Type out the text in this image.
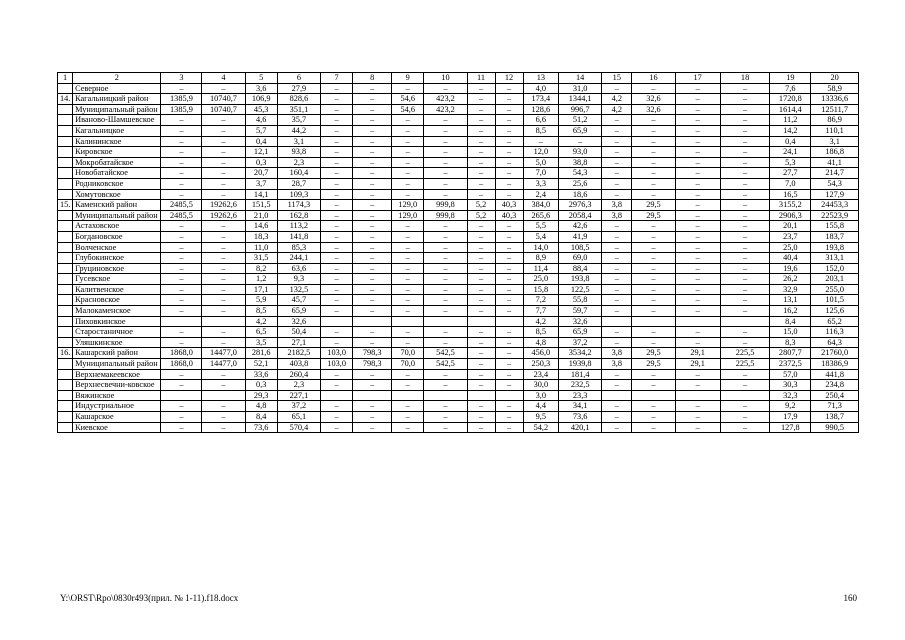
1	2	3	4	5	6	7	8	9	10	11	12	13	14	15	16	17	18	19	20
	Северное	–	–	3,6	27,9	–	–	–	–	–	–	4,0	31,0	–	–	–	–	7,6	58,9
14.	Кагальницкий район	1385,9	10740,7	106,9	828,6	–	–	54,6	423,2	–	–	173,4	1344,1	4,2	32,6	–	–	1720,8	13336,6
	Муниципальный район	1385,9	10740,7	45,3	351,1	–	–	54,6	423,2	–	–	128,6	996,7	4,2	32,6	–	–	1614,4	12511,7
	Иваново-Шамшевское	–	–	4,6	35,7	–	–	–	–	–	–	6,6	51,2	–	–	–	–	11,2	86,9
	Кагальницкое	–	–	5,7	44,2	–	–	–	–	–	–	8,5	65,9	–	–	–	–	14,2	110,1
	Калининское	–	–	0,4	3,1	–	–	–	–	–	–	–	–	–	–	–	–	0,4	3,1
	Кировское	–	–	12,1	93,8	–	–	–	–	–	–	12,0	93,0	–	–	–	–	24,1	186,8
	Мокробатайское	–	–	0,3	2,3	–	–	–	–	–	–	5,0	38,8	–	–	–	–	5,3	41,1
	Новобатайское	–	–	20,7	160,4	–	–	–	–	–	–	7,0	54,3	–	–	–	–	27,7	214,7
	Родниковское	–	–	3,7	28,7	–	–	–	–	–	–	3,3	25,6	–	–	–	–	7,0	54,3
	Хомутовское	–	–	14,1	109,3	–	–	–	–	–	–	2,4	18,6	–	–	–	–	16,5	127,9
15.	Каменский район	2485,5	19262,6	151,5	1174,3	–	–	129,0	999,8	5,2	40,3	384,0	2976,3	3,8	29,5	–	–	3155,2	24453,3
	Муниципальный район	2485,5	19262,6	21,0	162,8	–	–	129,0	999,8	5,2	40,3	265,6	2058,4	3,8	29,5	–	–	2906,3	22523,9
	Астаховское	–	–	14,6	113,2	–	–	–	–	–	–	5,5	42,6	–	–	–	–	20,1	155,8
	Богдановское	–	–	18,3	141,8	–	–	–	–	–	–	5,4	41,9	–	–	–	–	23,7	183,7
	Волченское	–	–	11,0	85,3	–	–	–	–	–	–	14,0	108,5	–	–	–	–	25,0	193,8
	Глубокинское	–	–	31,5	244,1	–	–	–	–	–	–	8,9	69,0	–	–	–	–	40,4	313,1
	Груциновское	–	–	8,2	63,6	–	–	–	–	–	–	11,4	88,4	–	–	–	–	19,6	152,0
	Гусевское	–	–	1,2	9,3	–	–	–	–	–	–	25,0	193,8	–	–	–	–	26,2	203,1
	Калитвенское	–	–	17,1	132,5	–	–	–	–	–	–	15,8	122,5	–	–	–	–	32,9	255,0
	Красновское	–	–	5,9	45,7	–	–	–	–	–	–	7,2	55,8	–	–	–	–	13,1	101,5
	Малокаменское	–	–	8,5	65,9	–	–	–	–	–	–	7,7	59,7	–	–	–	–	16,2	125,6
	Пиховкинское			4,2	32,6							4,2	32,6					8,4	65,2
	Старостаничное	–	–	6,5	50,4	–	–	–	–	–	–	8,5	65,9	–	–	–	–	15,0	116,3
	Уляшкинское	–	–	3,5	27,1	–	–	–	–	–	–	4,8	37,2	–	–	–	–	8,3	64,3
16.	Кашарский район	1868,0	14477,0	281,6	2182,5	103,0	798,3	70,0	542,5	–	–	456,0	3534,2	3,8	29,5	29,1	225,5	2807,7	21760,0
	Муниципальный район	1868,0	14477,0	52,1	403,8	103,0	798,3	70,0	542,5	–	–	250,3	1939,8	3,8	29,5	29,1	225,5	2372,5	18386,9
	Верхнемакеевское	–	–	33,6	260,4	–	–	–	–	–	–	23,4	181,4	–	–	–	–	57,0	441,8
	Верхнесвечни-ковское	–	–	0,3	2,3	–	–	–	–	–	–	30,0	232,5	–	–	–	–	30,3	234,8
	Вяжинское			29,3	227,1							3,0	23,3					32,3	250,4
	Индустриальное	–	–	4,8	37,2	–	–	–	–	–	–	4,4	34,1	–	–	–	–	9,2	71,3
	Кашарское	–	–	8,4	65,1	–	–	–	–	–	–	9,5	73,6	–	–	–	–	17,9	138,7
	Киевское	–	–	73,6	570,4	–	–	–	–	–	–	54,2	420,1	–	–	–	–	127,8	990,5
Y:\ORST\Rpo\0830r493(прил. № 1-11).f18.docx	160
